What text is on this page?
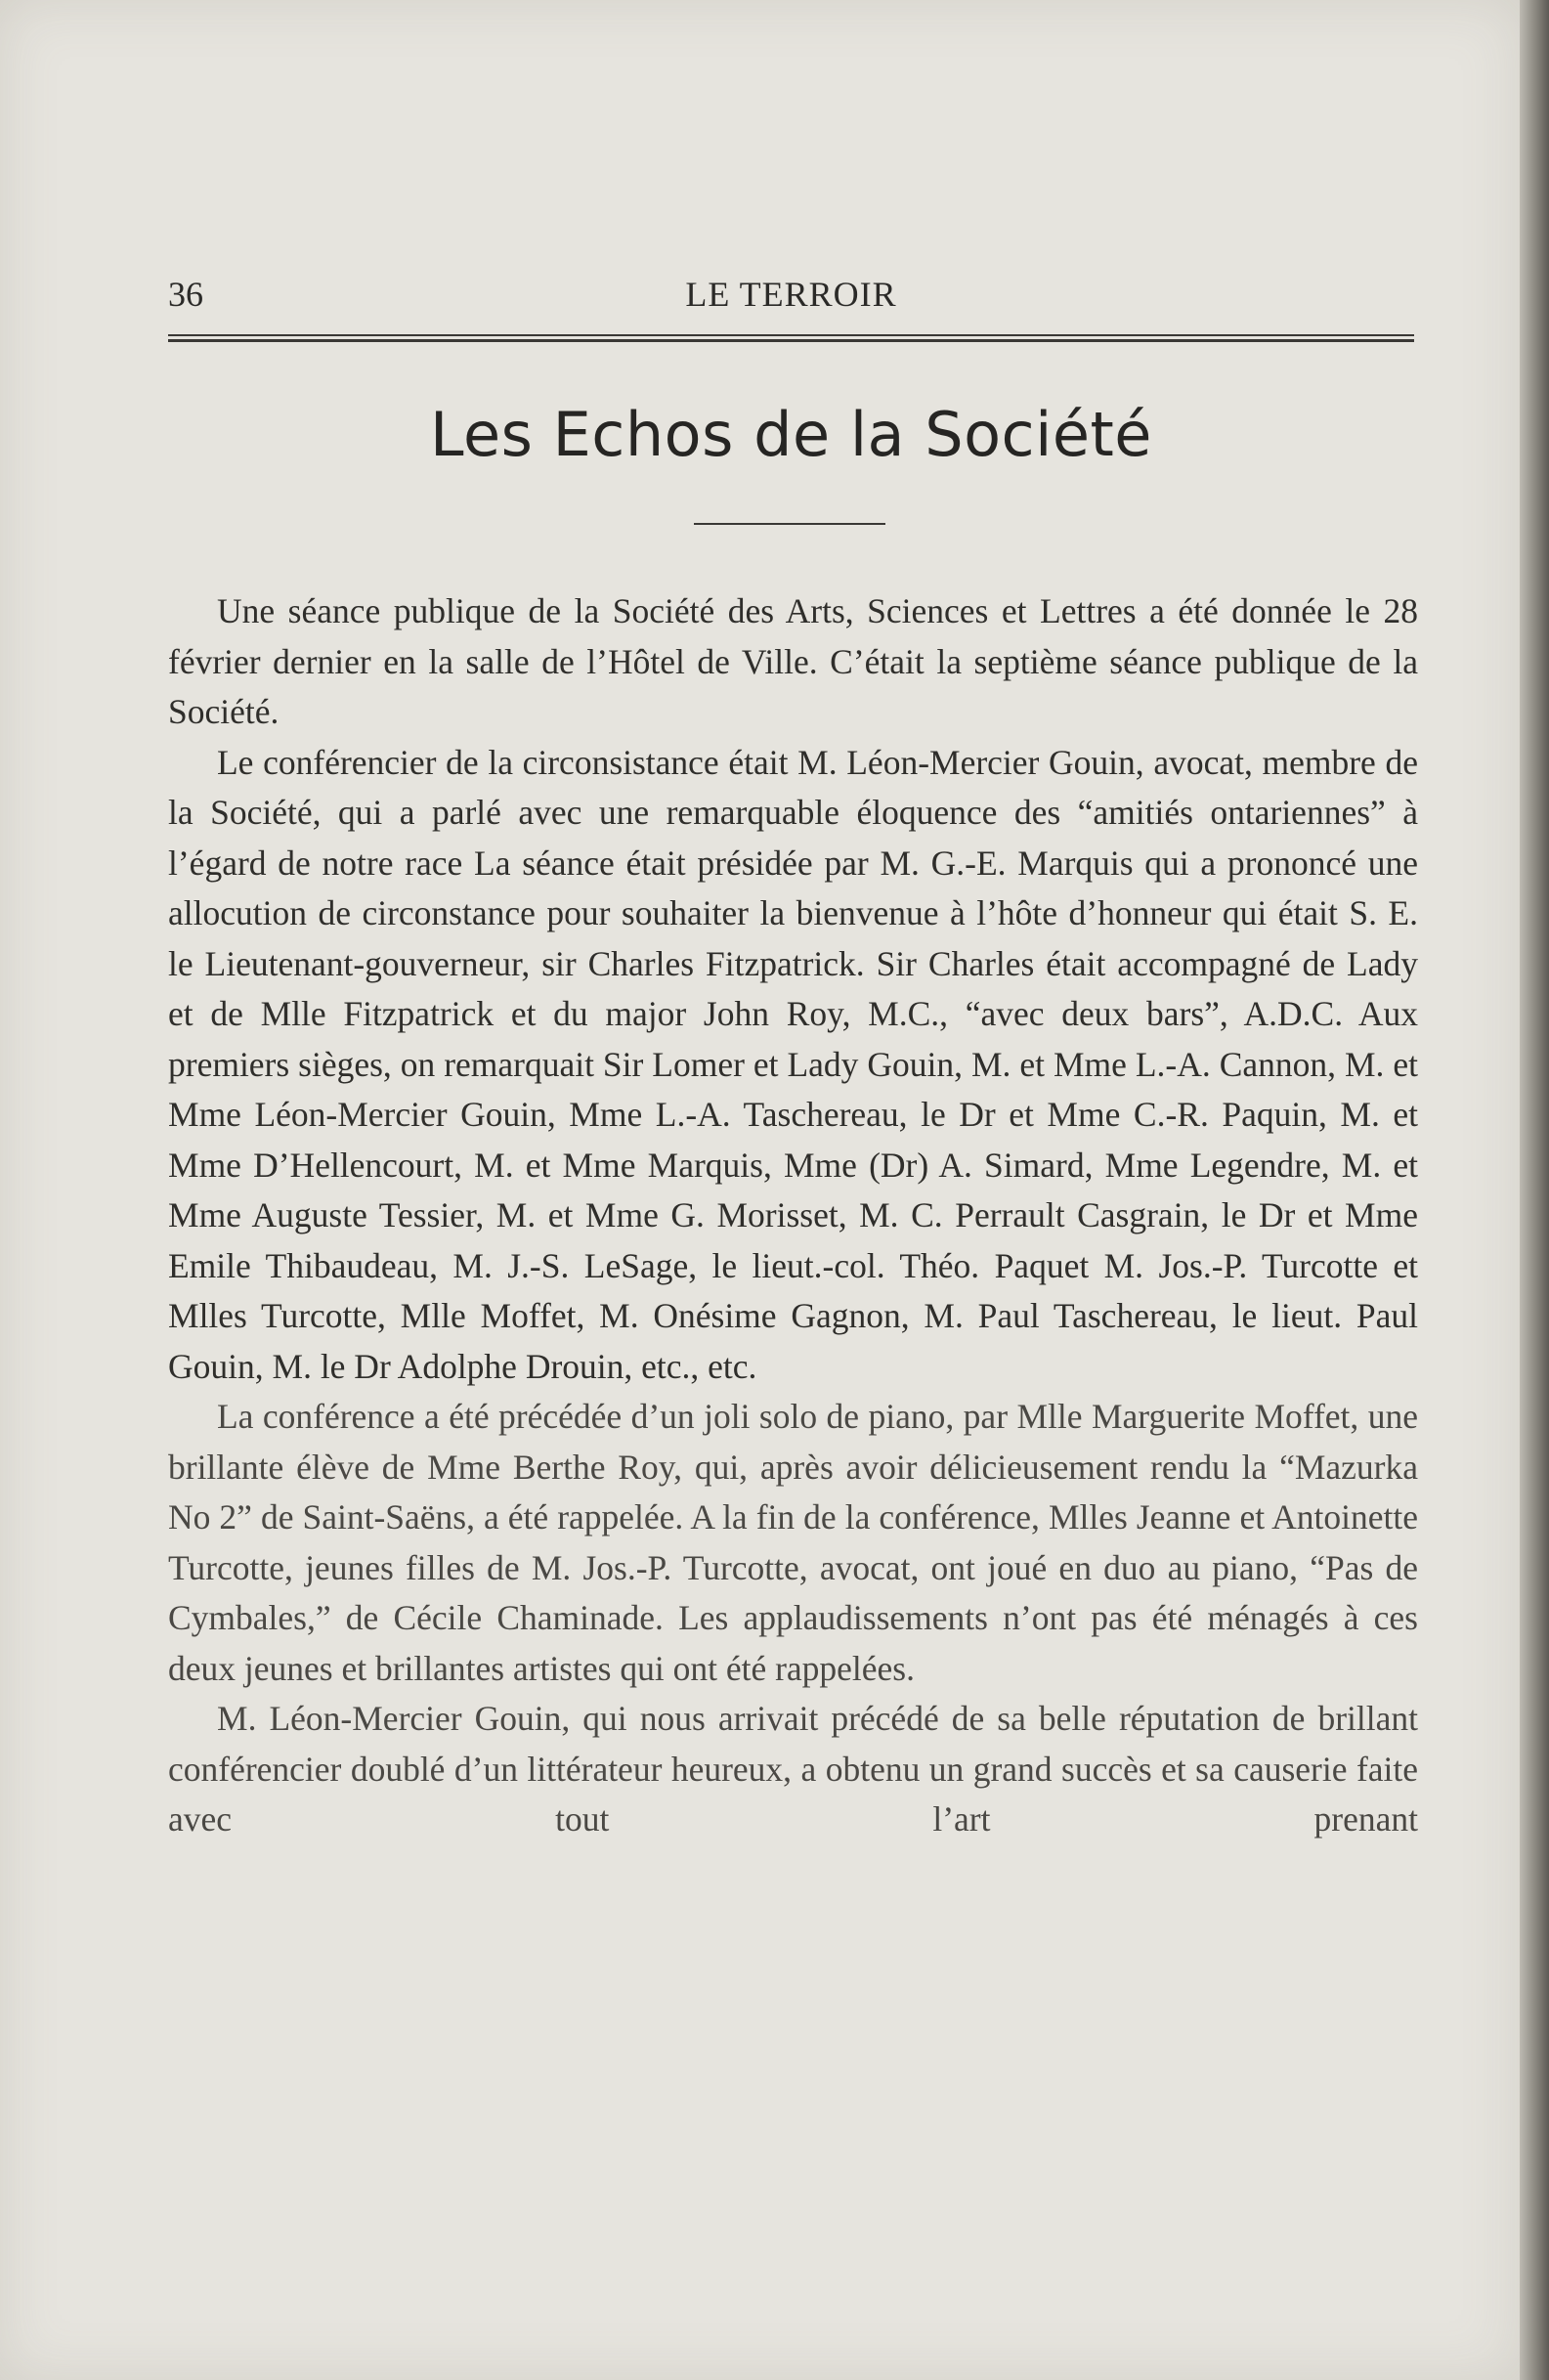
36	LE TERROIR
Les Echos de la Société

Une séance publique de la Société des Arts, Sciences et Lettres a été donnée le 28 février dernier en la salle de l’Hôtel de Ville. C’était la septième séance publique de la Société.

Le conférencier de la circonsistance était M. Léon-Mercier Gouin, avocat, membre de la Société, qui a parlé avec une remarquable éloquence des “amitiés ontariennes” à l’égard de notre race La séance était présidée par M. G.-E. Marquis qui a prononcé une allocution de circonstance pour souhaiter la bienvenue à l’hôte d’honneur qui était S. E. le Lieutenant-gouverneur, sir Charles Fitzpatrick. Sir Charles était accompagné de Lady et de Mlle Fitzpatrick et du major John Roy, M.C., “avec deux bars”, A.D.C. Aux premiers sièges, on remarquait Sir Lomer et Lady Gouin, M. et Mme L.-A. Cannon, M. et Mme Léon-Mercier Gouin, Mme L.-A. Taschereau, le Dr et Mme C.-R. Paquin, M. et Mme D’Hellencourt, M. et Mme Marquis, Mme (Dr) A. Simard, Mme Legendre, M. et Mme Auguste Tessier, M. et Mme G. Morisset, M. C. Perrault Casgrain, le Dr et Mme Emile Thibaudeau, M. J.-S. LeSage, le lieut.-col. Théo. Paquet M. Jos.-P. Turcotte et Mlles Turcotte, Mlle Moffet, M. Onésime Gagnon, M. Paul Taschereau, le lieut. Paul Gouin, M. le Dr Adolphe Drouin, etc., etc.

La conférence a été précédée d’un joli solo de piano, par Mlle Marguerite Moffet, une brillante élève de Mme Berthe Roy, qui, après avoir délicieusement rendu la “Mazurka No 2” de Saint-Saëns, a été rappelée. A la fin de la conférence, Mlles Jeanne et Antoinette Turcotte, jeunes filles de M. Jos.-P. Turcotte, avocat, ont joué en duo au piano, “Pas de Cymbales,” de Cécile Chaminade. Les applaudissements n’ont pas été ménagés à ces deux jeunes et brillantes artistes qui ont été rappelées.

M. Léon-Mercier Gouin, qui nous arrivait précédé de sa belle réputation de brillant conférencier doublé d’un littérateur heureux, a obtenu un grand succès et sa causerie faite avec tout l’art prenant
